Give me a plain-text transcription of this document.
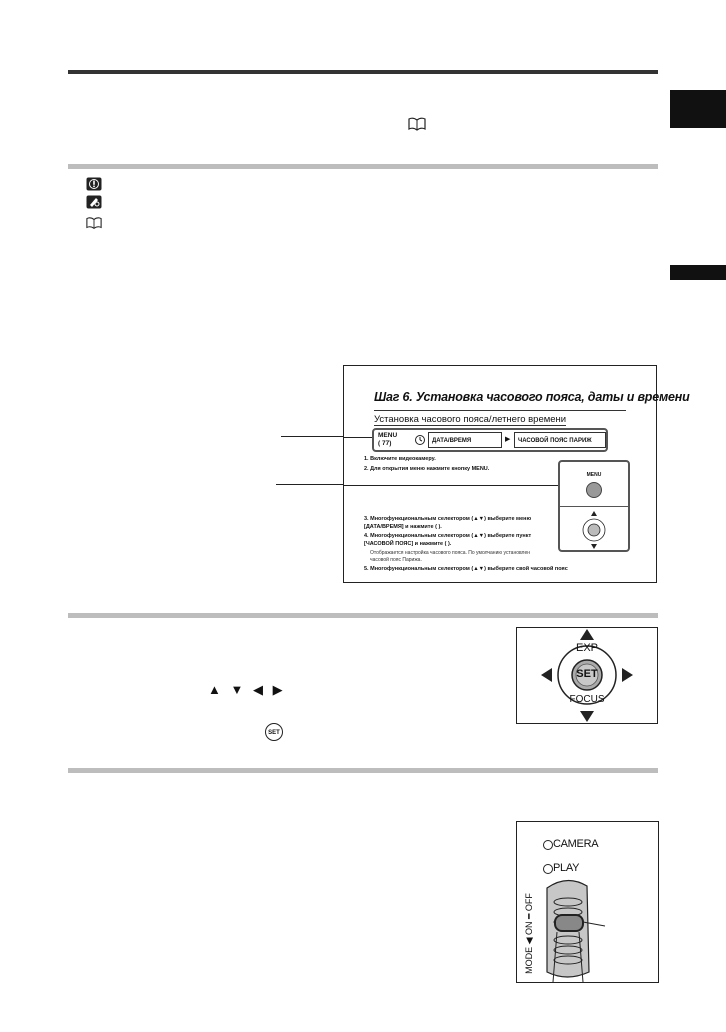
Шаг 6. Установка часового пояса, даты и времени
Установка часового пояса/летнего времени
MENU
( 77)	ДАТА/ВРЕМЯ	▶	ЧАСОВОЙ ПОЯС ПАРИЖ
1. Включите видеокамеру.
2. Для открытия меню нажмите кнопку MENU.
3. Многофункциональным селектором (▲▼) выберите меню
[ДАТА/ВРЕМЯ] и нажмите ( ).
4. Многофункциональным селектором (▲▼) выберите пункт
[ЧАСОВОЙ ПОЯС] и нажмите ( ).
Отображается настройка часового пояса. По умолчанию установлен
часовой пояс Парижа.
5. Многофункциональным селектором (▲▼) выберите свой часовой пояс
MENU
▲ ▼ ◀ ▶
SET
EXP
FOCUS
SET
CAMERA
PLAY
MODE ◀ ON ━ OFF
